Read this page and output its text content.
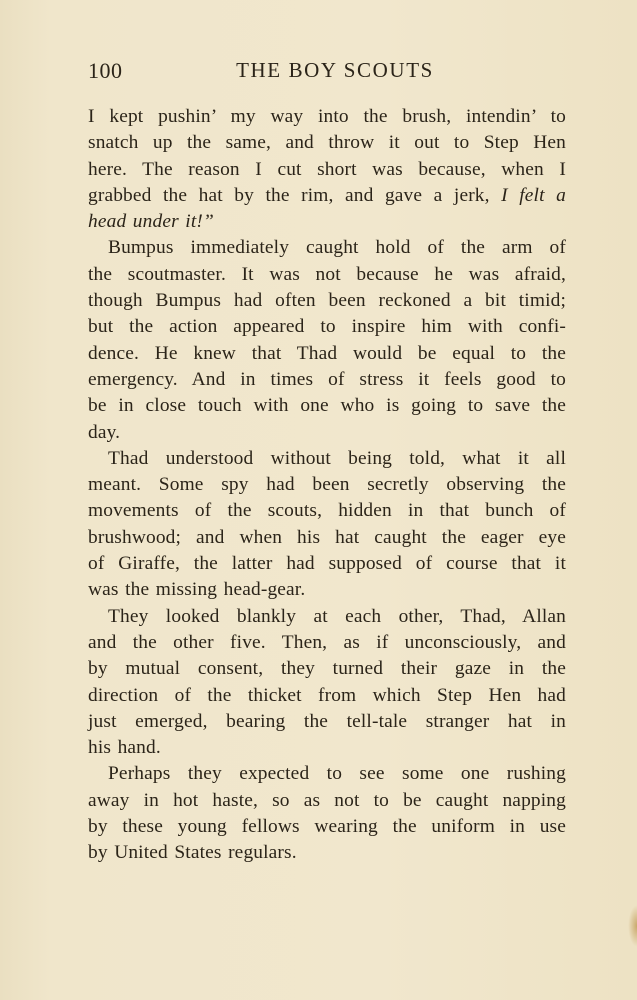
100	THE BOY SCOUTS
I kept pushin’ my way into the brush, intendin’ to
snatch up the same, and throw it out to Step Hen
here. The reason I cut short was because, when I
grabbed the hat by the rim, and gave a jerk, I felt a
head under it!”
Bumpus immediately caught hold of the arm of
the scoutmaster. It was not because he was afraid,
though Bumpus had often been reckoned a bit timid;
but the action appeared to inspire him with confi-
dence. He knew that Thad would be equal to the
emergency. And in times of stress it feels good to
be in close touch with one who is going to save the
day.
Thad understood without being told, what it all
meant. Some spy had been secretly observing the
movements of the scouts, hidden in that bunch of
brushwood; and when his hat caught the eager eye
of Giraffe, the latter had supposed of course that it
was the missing head-gear.
They looked blankly at each other, Thad, Allan
and the other five. Then, as if unconsciously, and
by mutual consent, they turned their gaze in the
direction of the thicket from which Step Hen had
just emerged, bearing the tell-tale stranger hat in
his hand.
Perhaps they expected to see some one rushing
away in hot haste, so as not to be caught napping
by these young fellows wearing the uniform in use
by United States regulars.
